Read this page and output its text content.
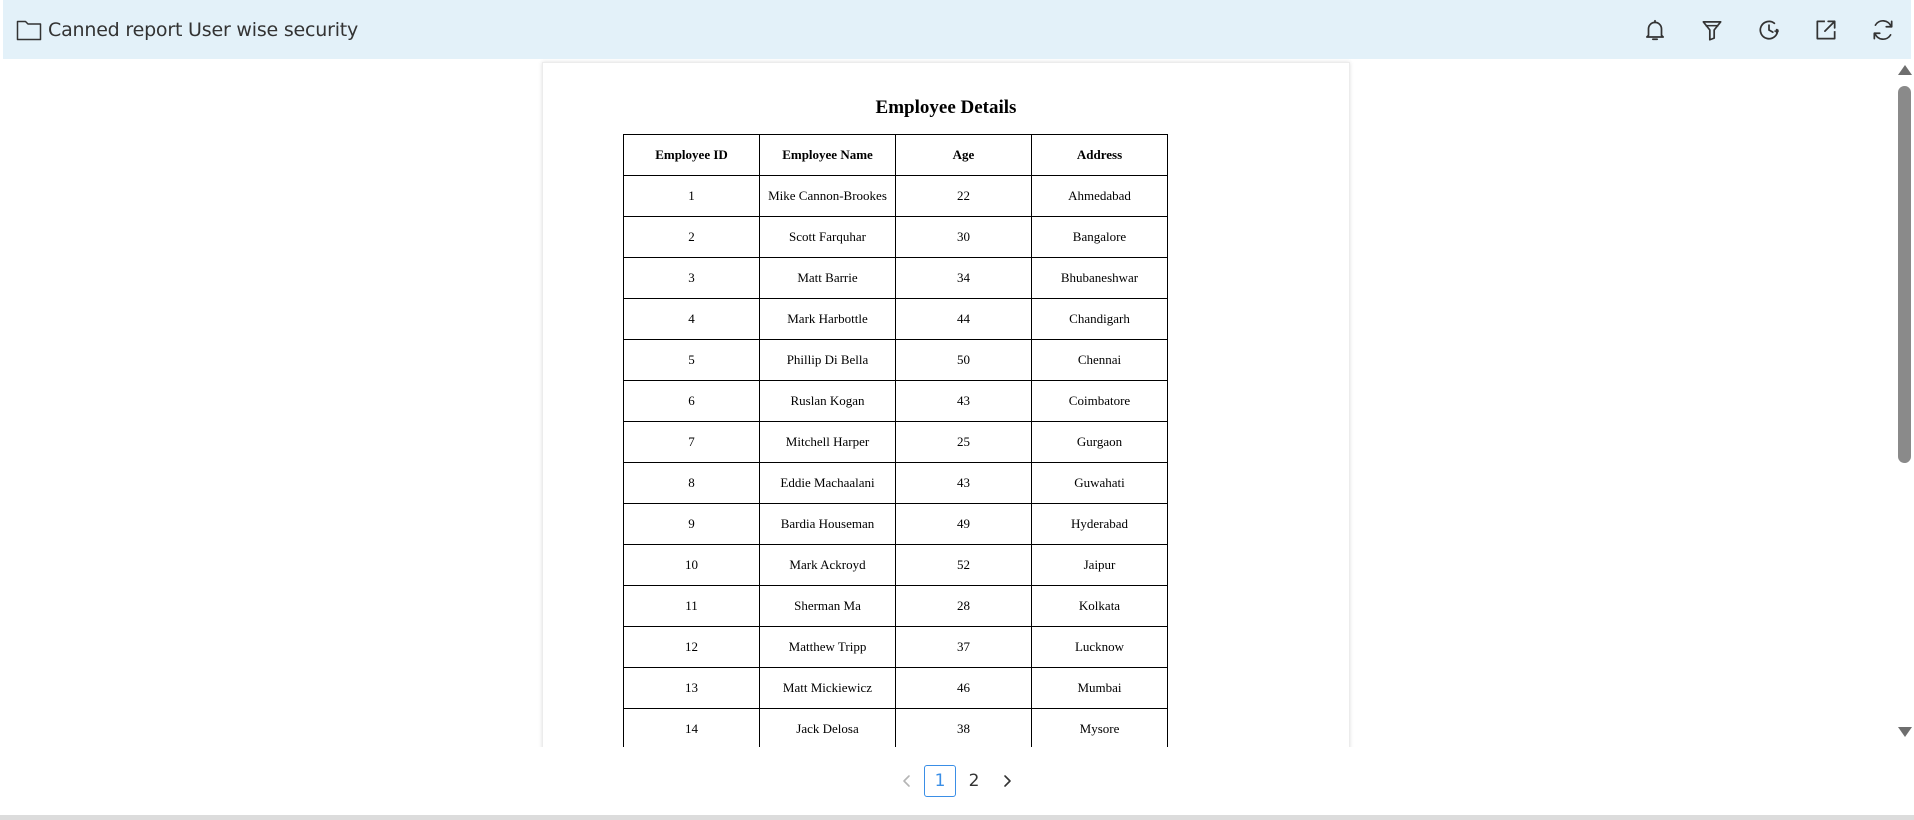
Canned report User wise security
Employee Details
Employee ID	Employee Name	Age	Address
1	Mike Cannon-Brookes	22	Ahmedabad
2	Scott Farquhar	30	Bangalore
3	Matt Barrie	34	Bhubaneshwar
4	Mark Harbottle	44	Chandigarh
5	Phillip Di Bella	50	Chennai
6	Ruslan Kogan	43	Coimbatore
7	Mitchell Harper	25	Gurgaon
8	Eddie Machaalani	43	Guwahati
9	Bardia Houseman	49	Hyderabad
10	Mark Ackroyd	52	Jaipur
11	Sherman Ma	28	Kolkata
12	Matthew Tripp	37	Lucknow
13	Matt Mickiewicz	46	Mumbai
14	Jack Delosa	38	Mysore

1	2
